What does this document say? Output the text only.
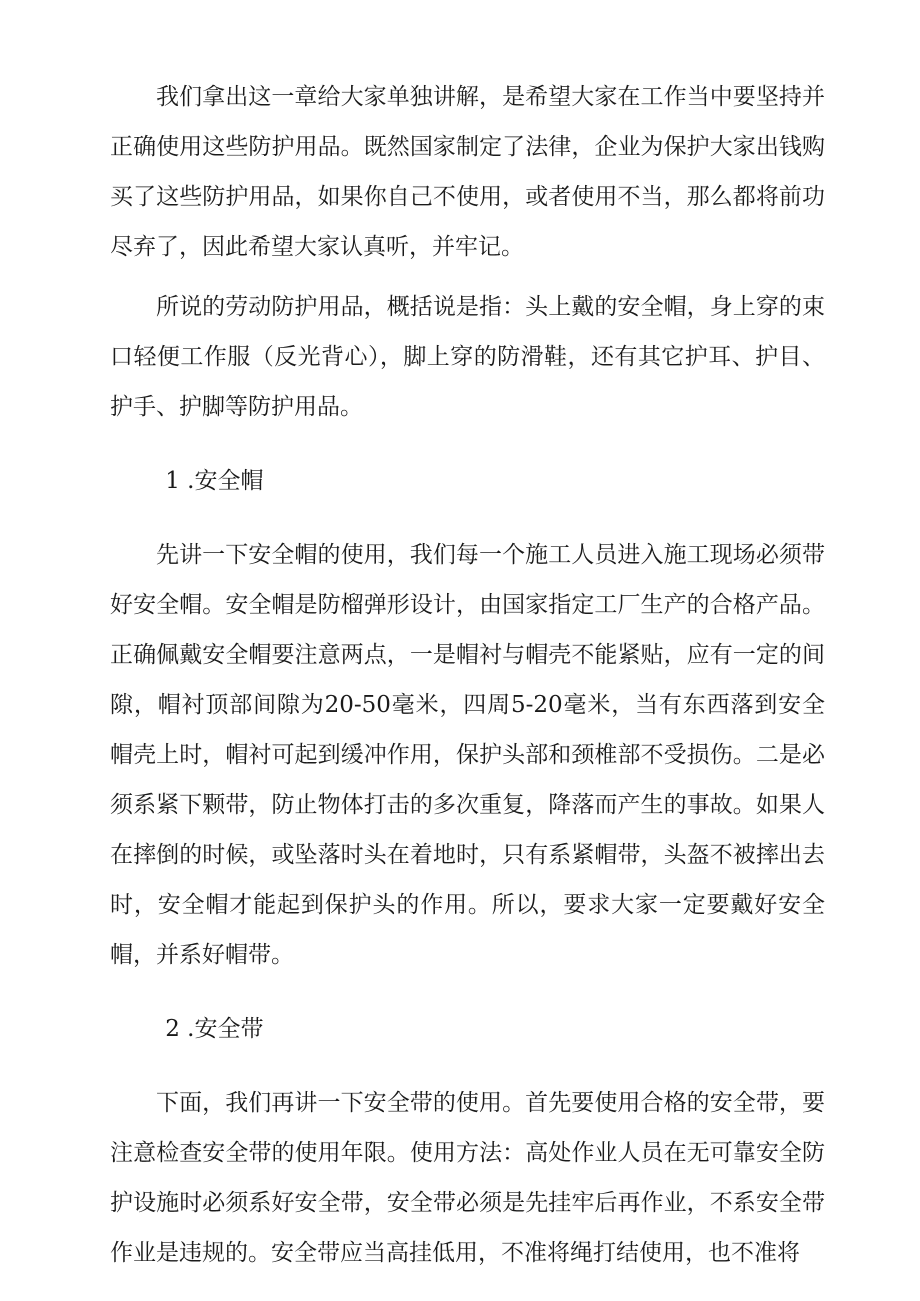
我们拿出这一章给大家单独讲解，是希望大家在工作当中要坚持并正确使用这些防护用品。既然国家制定了法律，企业为保护大家出钱购买了这些防护用品，如果你自己不使用，或者使用不当，那么都将前功尽弃了，因此希望大家认真听，并牢记。

所说的劳动防护用品，概括说是指：头上戴的安全帽，身上穿的束口轻便工作服（反光背心），脚上穿的防滑鞋，还有其它护耳、护目、护手、护脚等防护用品。

1 .安全帽

先讲一下安全帽的使用，我们每一个施工人员进入施工现场必须带好安全帽。安全帽是防榴弹形设计，由国家指定工厂生产的合格产品。正确佩戴安全帽要注意两点，一是帽衬与帽壳不能紧贴，应有一定的间隙，帽衬顶部间隙为20-50毫米，四周5-20毫米，当有东西落到安全帽壳上时，帽衬可起到缓冲作用，保护头部和颈椎部不受损伤。二是必须系紧下颗带，防止物体打击的多次重复，降落而产生的事故。如果人在摔倒的时候，或坠落时头在着地时，只有系紧帽带，头盔不被摔出去时，安全帽才能起到保护头的作用。所以，要求大家一定要戴好安全帽，并系好帽带。

2 .安全带

下面，我们再讲一下安全带的使用。首先要使用合格的安全带，要注意检查安全带的使用年限。使用方法：高处作业人员在无可靠安全防护设施时必须系好安全带，安全带必须是先挂牢后再作业，不系安全带作业是违规的。安全带应当高挂低用，不准将绳打结使用，也不准将
